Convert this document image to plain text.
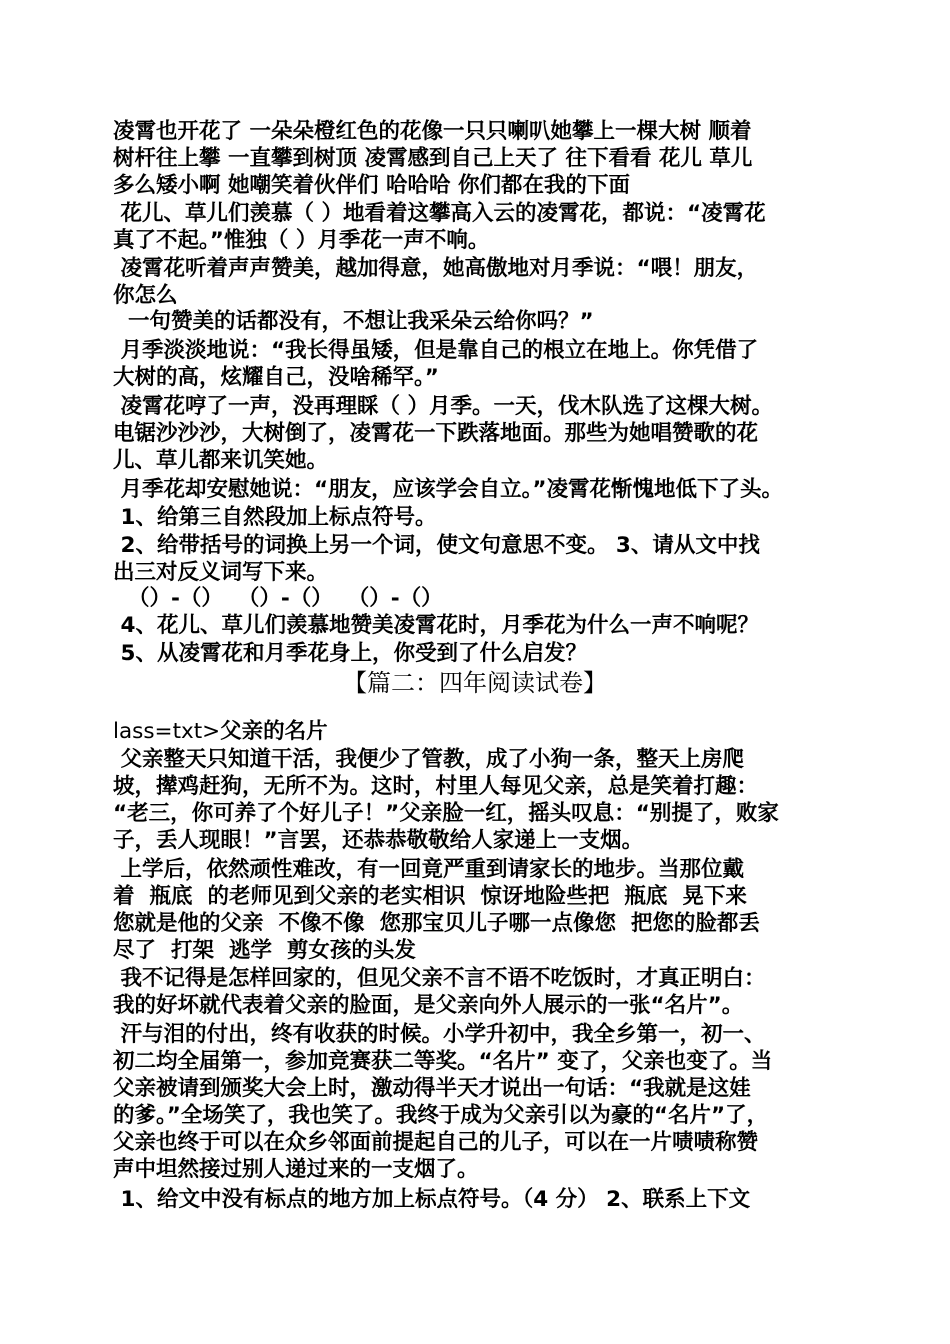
凌霄也开花了 一朵朵橙红色的花像一只只喇叭她攀上一棵大树 顺着
树杆往上攀 一直攀到树顶 凌霄感到自己上天了 往下看看 花儿 草儿
多么矮小啊 她嘲笑着伙伴们 哈哈哈 你们都在我的下面
花儿、草儿们羡慕（ ）地看着这攀高入云的凌霄花，都说：“凌霄花
真了不起。”惟独（ ）月季花一声不响。
凌霄花听着声声赞美，越加得意，她高傲地对月季说：“喂！朋友，
你怎么
一句赞美的话都没有，不想让我采朵云给你吗？”
月季淡淡地说：“我长得虽矮，但是靠自己的根立在地上。你凭借了
大树的高，炫耀自己，没啥稀罕。”
凌霄花哼了一声，没再理睬（ ）月季。一天，伐木队选了这棵大树。
电锯沙沙沙，大树倒了，凌霄花一下跌落地面。那些为她唱赞歌的花
儿、草儿都来讥笑她。
月季花却安慰她说：“朋友，应该学会自立。”凌霄花惭愧地低下了头。
1、给第三自然段加上标点符号。
2、给带括号的词换上另一个词，使文句意思不变。 3、请从文中找
出三对反义词写下来。
（）-（）  （）-（）  （）-（）
4、花儿、草儿们羡慕地赞美凌霄花时，月季花为什么一声不响呢？
5、从凌霄花和月季花身上，你受到了什么启发？
【篇二：四年阅读试卷】
lass=txt>父亲的名片
父亲整天只知道干活，我便少了管教，成了小狗一条，整天上房爬
坡，撵鸡赶狗，无所不为。这时，村里人每见父亲，总是笑着打趣：
“老三，你可养了个好儿子！”父亲脸一红，摇头叹息：“别提了，败家
子，丢人现眼！”言罢，还恭恭敬敬给人家递上一支烟。
上学后，依然顽性难改，有一回竟严重到请家长的地步。当那位戴
着  瓶底  的老师见到父亲的老实相识  惊讶地险些把  瓶底  晃下来
您就是他的父亲  不像不像  您那宝贝儿子哪一点像您  把您的脸都丢
尽了  打架  逃学  剪女孩的头发
我不记得是怎样回家的，但见父亲不言不语不吃饭时，才真正明白：
我的好坏就代表着父亲的脸面，是父亲向外人展示的一张“名片”。
汗与泪的付出，终有收获的时候。小学升初中，我全乡第一，初一、
初二均全届第一，参加竞赛获二等奖。“名片” 变了，父亲也变了。当
父亲被请到颁奖大会上时，激动得半天才说出一句话：“我就是这娃
的爹。”全场笑了，我也笑了。我终于成为父亲引以为豪的“名片”了，
父亲也终于可以在众乡邻面前提起自己的儿子，可以在一片啧啧称赞
声中坦然接过别人递过来的一支烟了。
1、给文中没有标点的地方加上标点符号。（4 分） 2、联系上下文
